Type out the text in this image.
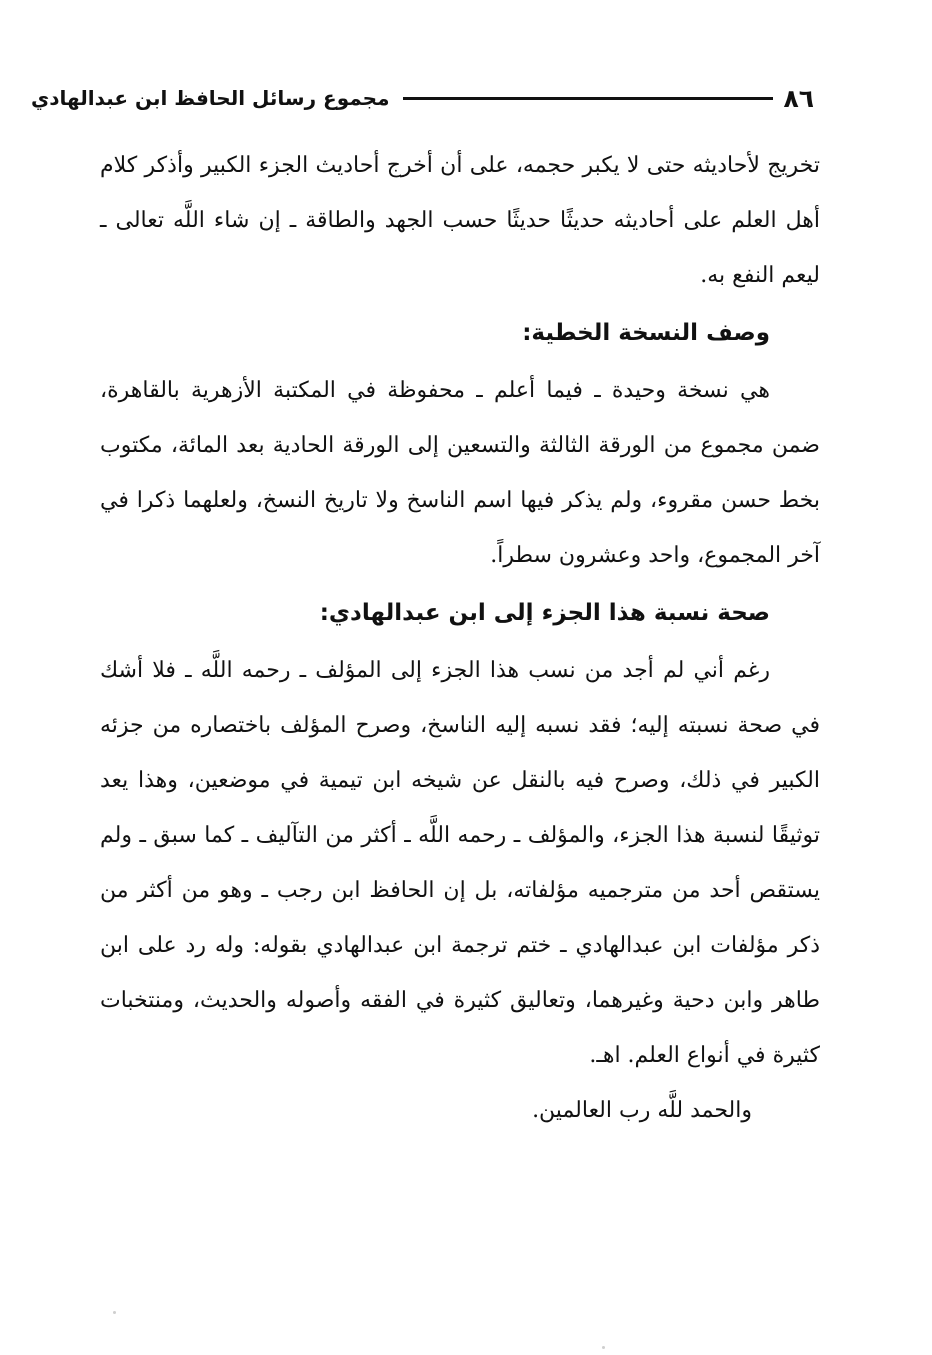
٨٦
مجموع رسائل الحافظ ابن عبدالهادي

تخريج لأحاديثه حتى لا يكبر حجمه، على أن أخرج أحاديث الجزء الكبير وأذكر كلام أهل العلم على أحاديثه حديثًا حديثًا حسب الجهد والطاقة ـ إن شاء اللَّه تعالى ـ ليعم النفع به.

وصف النسخة الخطية:

هي نسخة وحيدة ـ فيما أعلم ـ محفوظة في المكتبة الأزهرية بالقاهرة، ضمن مجموع من الورقة الثالثة والتسعين إلى الورقة الحادية بعد المائة، مكتوب بخط حسن مقروء، ولم يذكر فيها اسم الناسخ ولا تاريخ النسخ، ولعلهما ذكرا في آخر المجموع، واحد وعشرون سطراً.

صحة نسبة هذا الجزء إلى ابن عبدالهادي:

رغم أني لم أجد من نسب هذا الجزء إلى المؤلف ـ رحمه اللَّه ـ فلا أشك في صحة نسبته إليه؛ فقد نسبه إليه الناسخ، وصرح المؤلف باختصاره من جزئه الكبير في ذلك، وصرح فيه بالنقل عن شيخه ابن تيمية في موضعين، وهذا يعد توثيقًا لنسبة هذا الجزء، والمؤلف ـ رحمه اللَّه ـ أكثر من التآليف ـ كما سبق ـ ولم يستقص أحد من مترجميه مؤلفاته، بل إن الحافظ ابن رجب ـ وهو من أكثر من ذكر مؤلفات ابن عبدالهادي ـ ختم ترجمة ابن عبدالهادي بقوله: وله رد على ابن طاهر وابن دحية وغيرهما، وتعاليق كثيرة في الفقه وأصوله والحديث، ومنتخبات كثيرة في أنواع العلم. اهـ.

والحمد للَّه رب العالمين.
